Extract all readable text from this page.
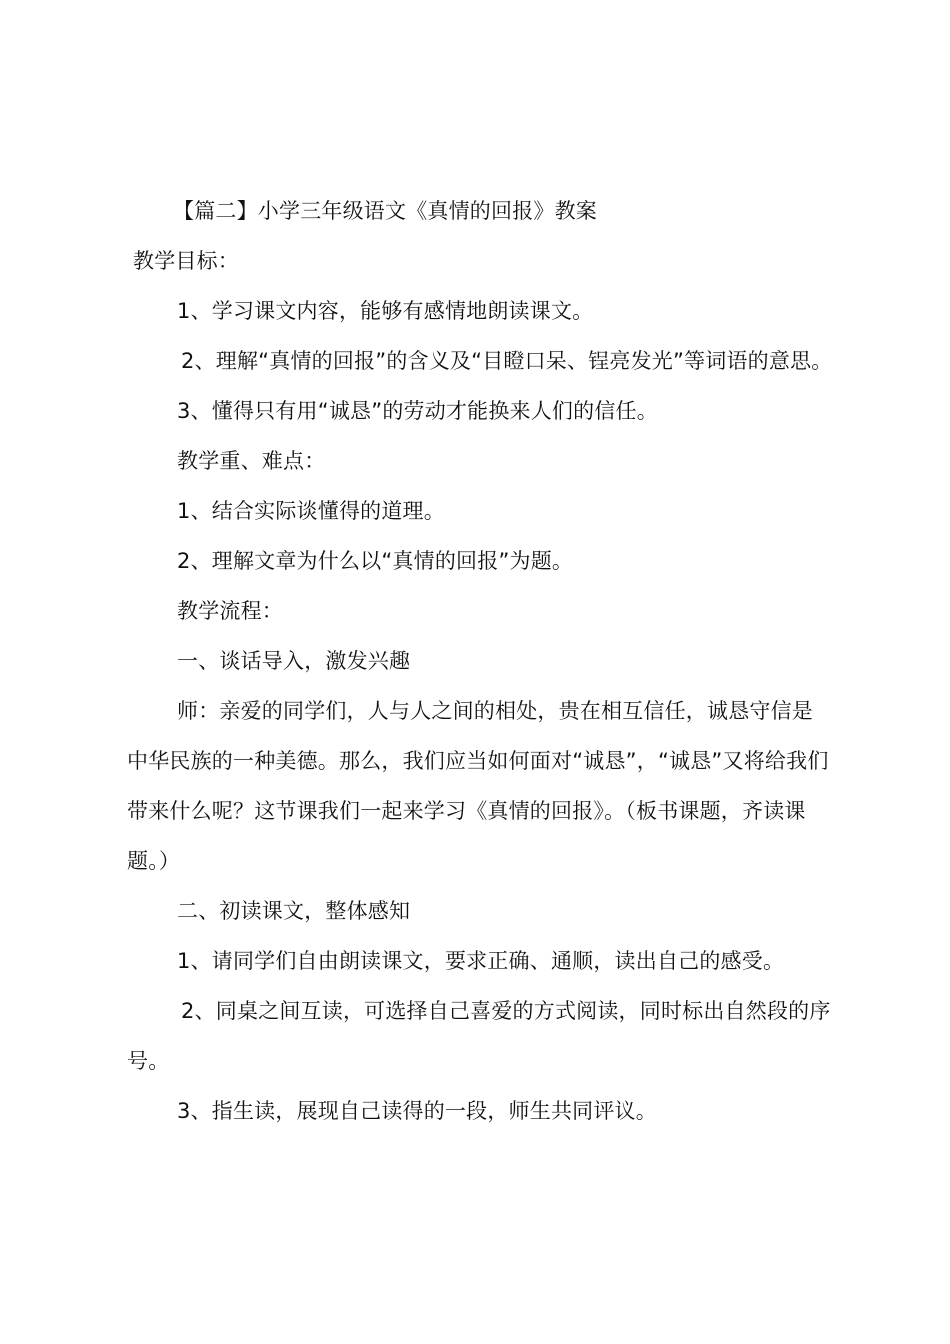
【篇二】小学三年级语文《真情的回报》教案

教学目标：

1、学习课文内容，能够有感情地朗读课文。

2、理解“真情的回报”的含义及“目瞪口呆、锃亮发光”等词语的意思。

3、懂得只有用“诚恳”的劳动才能换来人们的信任。

教学重、难点：

1、结合实际谈懂得的道理。

2、理解文章为什么以“真情的回报”为题。

教学流程：

一、谈话导入，激发兴趣

师：亲爱的同学们，人与人之间的相处，贵在相互信任，诚恳守信是中华民族的一种美德。那么，我们应当如何面对“诚恳”，“诚恳”又将给我们带来什么呢？这节课我们一起来学习《真情的回报》。（板书课题，齐读课题。）

二、初读课文，整体感知

1、请同学们自由朗读课文，要求正确、通顺，读出自己的感受。

2、同桌之间互读，可选择自己喜爱的方式阅读，同时标出自然段的序号。

3、指生读，展现自己读得的一段，师生共同评议。
